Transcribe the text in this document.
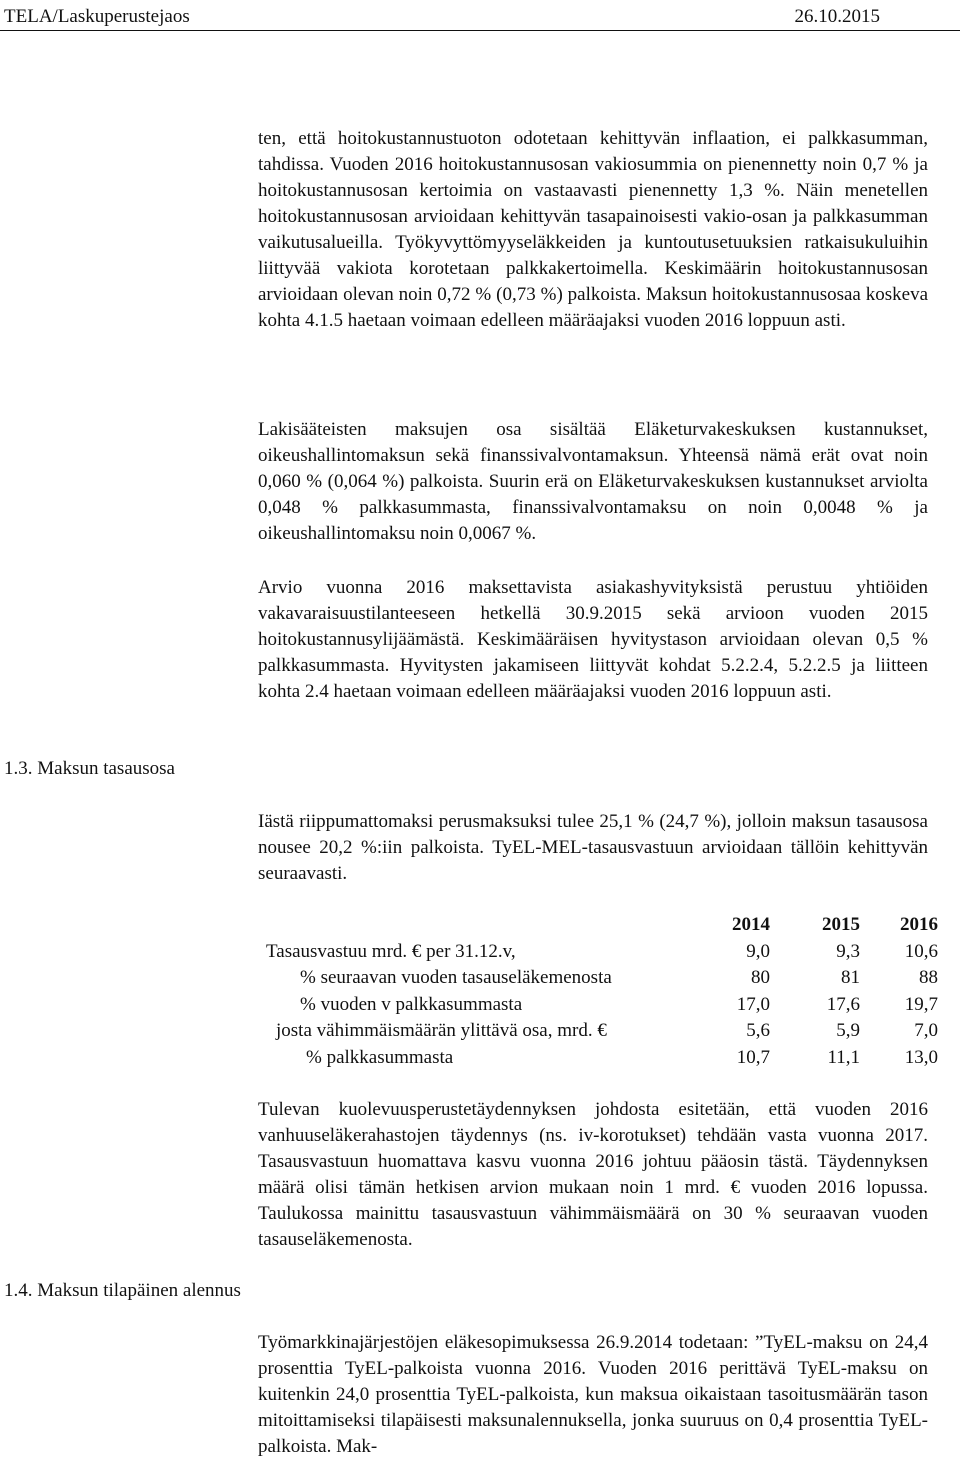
TELA/Laskuperustejaos	26.10.2015

ten, että hoitokustannustuoton odotetaan kehittyvän inflaation, ei palkkasumman, tahdissa. Vuoden 2016 hoitokustannusosan vakiosummia on pienennetty noin 0,7 % ja hoitokustannusosan kertoimia on vastaavasti pienennetty 1,3 %. Näin menetellen hoitokustannusosan arvioidaan kehittyvän tasapainoisesti vakio-osan ja palkkasumman vaikutusalueilla. Työkyvyttömyyseläkkeiden ja kuntoutusetuuksien ratkaisukuluihin liittyvää vakiota korotetaan palkkakertoimella. Keskimäärin hoitokustannusosan arvioidaan olevan noin 0,72 % (0,73 %) palkoista. Maksun hoitokustannusosaa koskeva kohta 4.1.5 haetaan voimaan edelleen määräajaksi vuoden 2016 loppuun asti.

Lakisääteisten maksujen osa sisältää Eläketurvakeskuksen kustannukset, oikeushallintomaksun sekä finanssivalvontamaksun. Yhteensä nämä erät ovat noin 0,060 % (0,064 %) palkoista. Suurin erä on Eläketurvakeskuksen kustannukset arviolta 0,048 % palkkasummasta, finanssivalvontamaksu on noin 0,0048 % ja oikeushallintomaksu noin 0,0067 %.

Arvio vuonna 2016 maksettavista asiakashyvityksistä perustuu yhtiöiden vakavaraisuustilanteeseen hetkellä 30.9.2015 sekä arvioon vuoden 2015 hoitokustannusylijäämästä. Keskimääräisen hyvitystason arvioidaan olevan 0,5 % palkkasummasta. Hyvitysten jakamiseen liittyvät kohdat 5.2.2.4, 5.2.2.5 ja liitteen kohta 2.4 haetaan voimaan edelleen määräajaksi vuoden 2016 loppuun asti.

1.3. Maksun tasausosa

Iästä riippumattomaksi perusmaksuksi tulee 25,1 % (24,7 %), jolloin maksun tasausosa nousee 20,2 %:iin palkoista. TyEL-MEL-tasausvastuun arvioidaan tällöin kehittyvän seuraavasti.

	2014	2015	2016
Tasausvastuu mrd. € per 31.12.v,	9,0	9,3	10,6
% seuraavan vuoden tasauseläkemenosta	80	81	88
% vuoden v palkkasummasta	17,0	17,6	19,7
josta vähimmäismäärän ylittävä osa, mrd. €	5,6	5,9	7,0
% palkkasummasta	10,7	11,1	13,0

Tulevan kuolevuusperustetäydennyksen johdosta esitetään, että vuoden 2016 vanhuuseläkerahastojen täydennys (ns. iv-korotukset) tehdään vasta vuonna 2017. Tasausvastuun huomattava kasvu vuonna 2016 johtuu pääosin tästä. Täydennyksen määrä olisi tämän hetkisen arvion mukaan noin 1 mrd. € vuoden 2016 lopussa. Taulukossa mainittu tasausvastuun vähimmäismäärä on 30 % seuraavan vuoden tasauseläkemenosta.

1.4. Maksun tilapäinen alennus

Työmarkkinajärjestöjen eläkesopimuksessa 26.9.2014 todetaan: ”TyEL-maksu on 24,4 prosenttia TyEL-palkoista vuonna 2016. Vuoden 2016 perittävä TyEL-maksu on kuitenkin 24,0 prosenttia TyEL-palkoista, kun maksua oikaistaan tasoitusmäärän tason mitoittamiseksi tilapäisesti maksunalennuksella, jonka suuruus on 0,4 prosenttia TyEL-palkoista. Mak-
